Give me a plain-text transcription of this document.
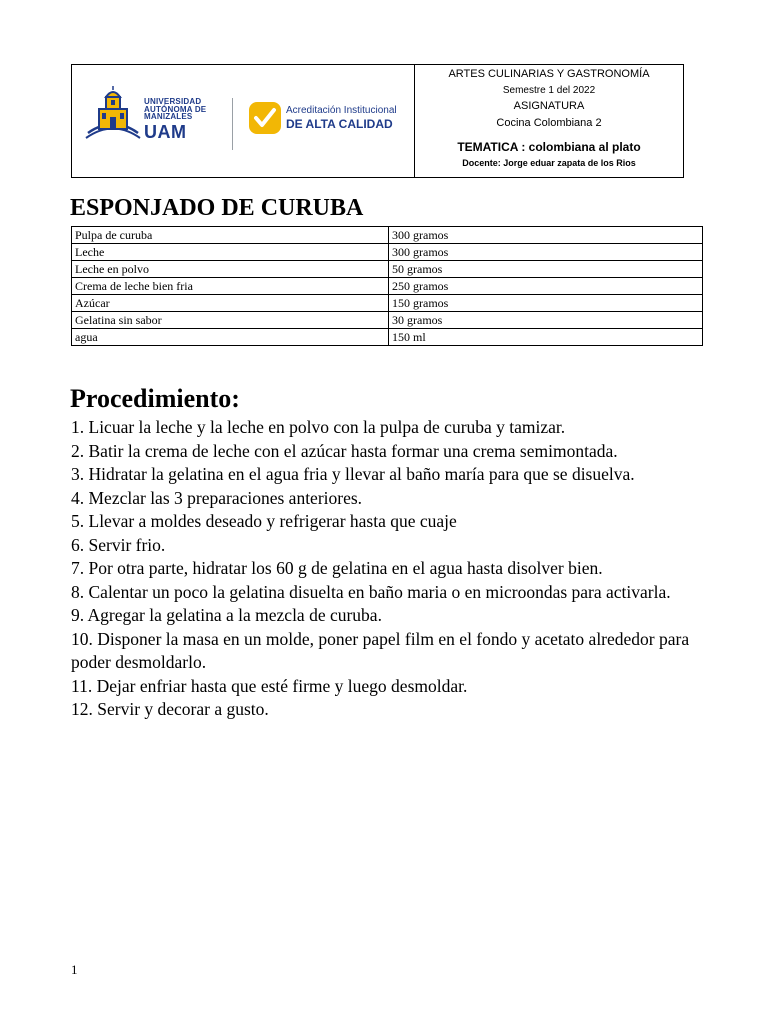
UNIVERSIDAD
AUTÓNOMA DE
MANIZALES
UAM
Acreditación Institucional
DE ALTA CALIDAD
ARTES CULINARIAS Y GASTRONOMÍA
Semestre 1 del 2022
ASIGNATURA
Cocina Colombiana 2
TEMATICA : colombiana al plato
Docente: Jorge eduar zapata de los Rios
ESPONJADO DE CURUBA
Pulpa de curuba	300 gramos
Leche	300 gramos
Leche en polvo	50 gramos
Crema de leche bien fria	250 gramos
Azúcar	150 gramos
Gelatina sin sabor	30 gramos
agua	150 ml
Procedimiento:
1. Licuar la leche y la leche en polvo con la pulpa de curuba y tamizar.
2. Batir la crema de leche con el azúcar hasta formar una crema semimontada.
3. Hidratar la gelatina en el agua fria y llevar al baño maría para que se disuelva.
4. Mezclar las 3 preparaciones anteriores.
5. Llevar a moldes deseado y refrigerar hasta que cuaje
6. Servir frio.
7. Por otra parte, hidratar los 60 g de gelatina en el agua hasta disolver bien.
8. Calentar un poco la gelatina disuelta en baño maria o en microondas para activarla.
9. Agregar la gelatina a la mezcla de curuba.
10. Disponer la masa en un molde, poner papel film en el fondo y acetato alrededor para poder desmoldarlo.
11. Dejar enfriar hasta que esté firme y luego desmoldar.
12. Servir y decorar a gusto.
1
